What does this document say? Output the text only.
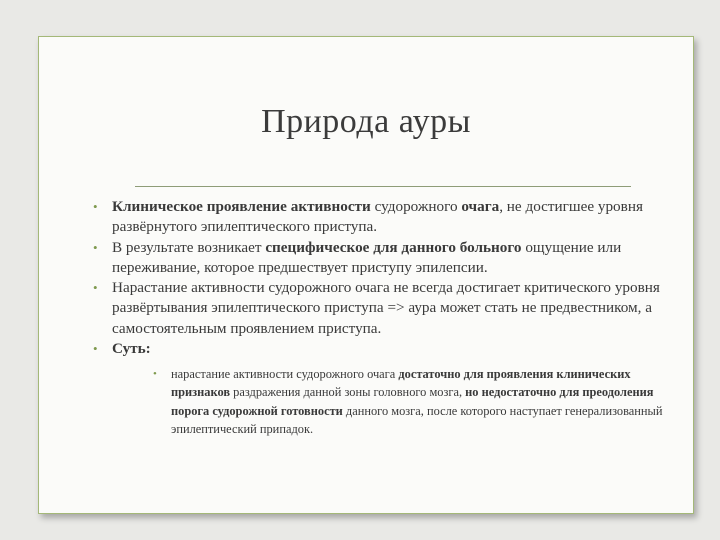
Природа ауры
• Клиническое проявление активности судорожного очага, не достигшее уровня развёрнутого эпилептического приступа.
• В результате возникает специфическое для данного больного ощущение или переживание, которое предшествует приступу эпилепсии.
• Нарастание активности судорожного очага не всегда достигает критического уровня развёртывания эпилептического приступа => аура может стать не предвестником, а самостоятельным проявлением приступа.
• Суть:
•	нарастание активности судорожного очага достаточно для проявления клинических признаков раздражения данной зоны головного мозга, но недостаточно для преодоления порога судорожной готовности данного мозга, после которого наступает генерализованный эпилептический припадок.
